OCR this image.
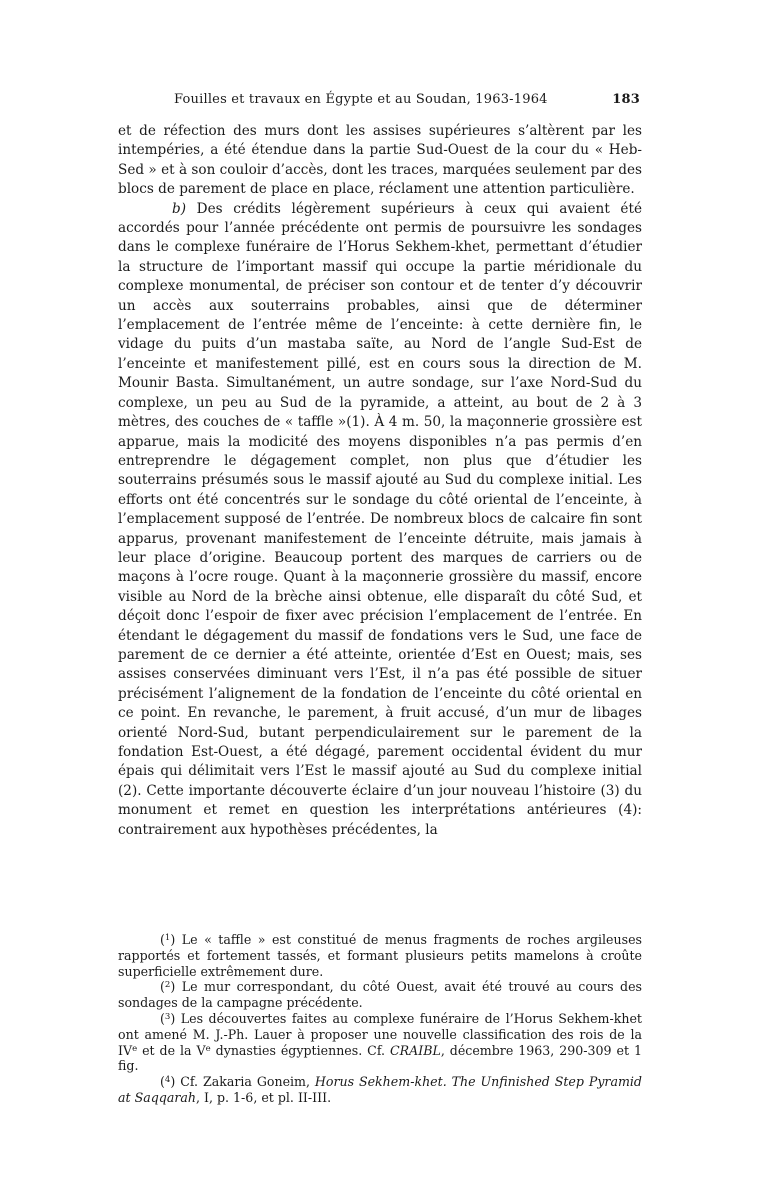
Fouilles et travaux en Égypte et au Soudan, 1963-1964	183

et de réfection des murs dont les assises supérieures s’altèrent par les intempéries, a été étendue dans la partie Sud-Ouest de la cour du « Heb-Sed » et à son couloir d’accès, dont les traces, marquées seulement par des blocs de parement de place en place, réclament une attention particulière.

b) Des crédits légèrement supérieurs à ceux qui avaient été accordés pour l’année précédente ont permis de poursuivre les sondages dans le complexe funéraire de l’Horus Sekhem-khet, permettant d’étudier la structure de l’important massif qui occupe la partie méridionale du complexe monumental, de préciser son contour et de tenter d’y découvrir un accès aux souterrains probables, ainsi que de déterminer l’emplacement de l’entrée même de l’enceinte: à cette dernière fin, le vidage du puits d’un mastaba saïte, au Nord de l’angle Sud-Est de l’enceinte et manifestement pillé, est en cours sous la direction de M. Mounir Basta. Simultanément, un autre sondage, sur l’axe Nord-Sud du complexe, un peu au Sud de la pyramide, a atteint, au bout de 2 à 3 mètres, des couches de « taffle »(1). À 4 m. 50, la maçonnerie grossière est apparue, mais la modicité des moyens disponibles n’a pas permis d’en entreprendre le dégagement complet, non plus que d’étudier les souterrains présumés sous le massif ajouté au Sud du complexe initial. Les efforts ont été concentrés sur le sondage du côté oriental de l’enceinte, à l’emplacement supposé de l’entrée. De nombreux blocs de calcaire fin sont apparus, provenant manifestement de l’enceinte détruite, mais jamais à leur place d’origine. Beaucoup portent des marques de carriers ou de maçons à l’ocre rouge. Quant à la maçonnerie grossière du massif, encore visible au Nord de la brèche ainsi obtenue, elle disparaît du côté Sud, et déçoit donc l’espoir de fixer avec précision l’emplacement de l’entrée. En étendant le dégagement du massif de fondations vers le Sud, une face de parement de ce dernier a été atteinte, orientée d’Est en Ouest; mais, ses assises conservées diminuant vers l’Est, il n’a pas été possible de situer précisément l’alignement de la fondation de l’enceinte du côté oriental en ce point. En revanche, le parement, à fruit accusé, d’un mur de libages orienté Nord-Sud, butant perpendiculairement sur le parement de la fondation Est-Ouest, a été dégagé, parement occidental évident du mur épais qui délimitait vers l’Est le massif ajouté au Sud du complexe initial (2). Cette importante découverte éclaire d’un jour nouveau l’histoire (3) du monument et remet en question les interprétations antérieures (4): contrairement aux hypothèses précédentes, la

($^1$) Le « taffle » est constitué de menus fragments de roches argileuses rapportés et fortement tassés, et formant plusieurs petits mamelons à croûte superficielle extrêmement dure.

($^2$) Le mur correspondant, du côté Ouest, avait été trouvé au cours des sondages de la campagne précédente.

($^3$) Les découvertes faites au complexe funéraire de l’Horus Sekhem-khet ont amené M. J.-Ph. Lauer à proposer une nouvelle classification des rois de la IVe et de la Ve dynasties égyptiennes. Cf. CRAIBL, décembre 1963, 290-309 et 1 fig.

($^4$) Cf. Zakaria Goneim, Horus Sekhem-khet. The Unfinished Step Pyramid at Saqqarah, I, p. 1-6, et pl. II-III.
